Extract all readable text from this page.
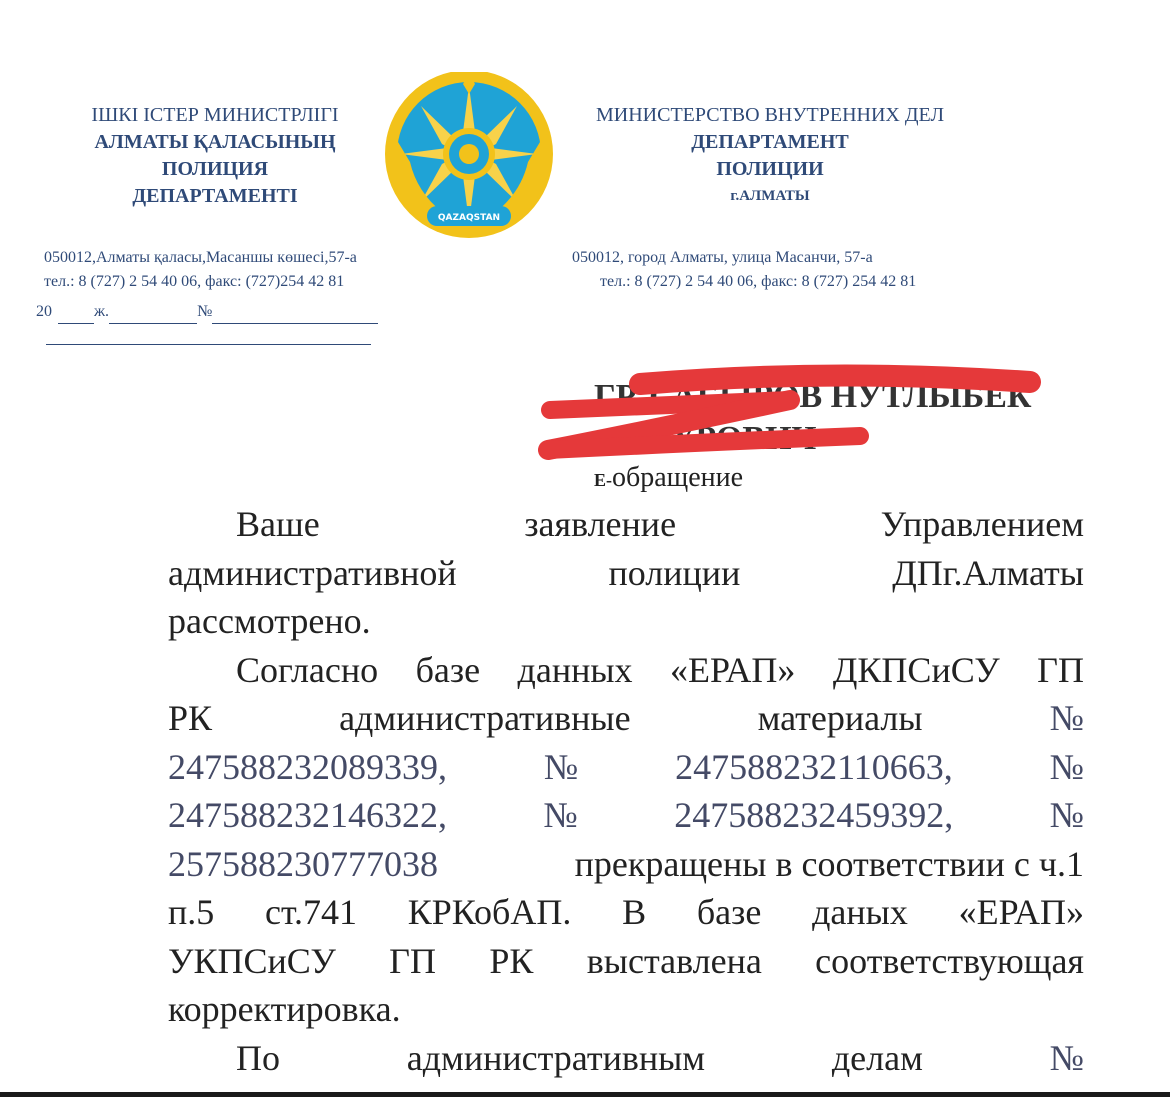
ІШКІ ІСТЕР МИНИСТРЛІГІ
АЛМАТЫ ҚАЛАСЫНЫҢ
ПОЛИЦИЯ
ДЕПАРТАМЕНТІ
QAZAQSTAN
МИНИСТЕРСТВО ВНУТРЕННИХ ДЕЛ
ДЕПАРТАМЕНТ
ПОЛИЦИИ
г.АЛМАТЫ
050012,Алматы қаласы,Масаншы көшесі,57-а
тел.: 8 (727) 2 54 40 06, факс: (727)254 42 81
050012, город Алматы, улица Масанчи, 57-а
тел.: 8 (727) 2 54 40 06, факс: 8 (727) 254 42 81
20	ж.	№
ГР. САБЫРОВ НУТЛЫБЕК
НУРОВИЧ
Е-обращение
Ваше	заявление	Управлением
административной	полиции	ДПг.Алматы
рассмотрено.
Согласно базе данных «ЕРАП» ДКПСиСУ ГП
РК	административные	материалы	№
247588232089339,	№	247588232110663,	№
247588232146322,	№	247588232459392,	№
257588230777038	прекращены в соответствии с ч.1
п.5 ст.741 КРКобАП. В базе даных «ЕРАП»
УКПСиСУ ГП РК выставлена соответствующая
корректировка.
По	административным	делам	№
